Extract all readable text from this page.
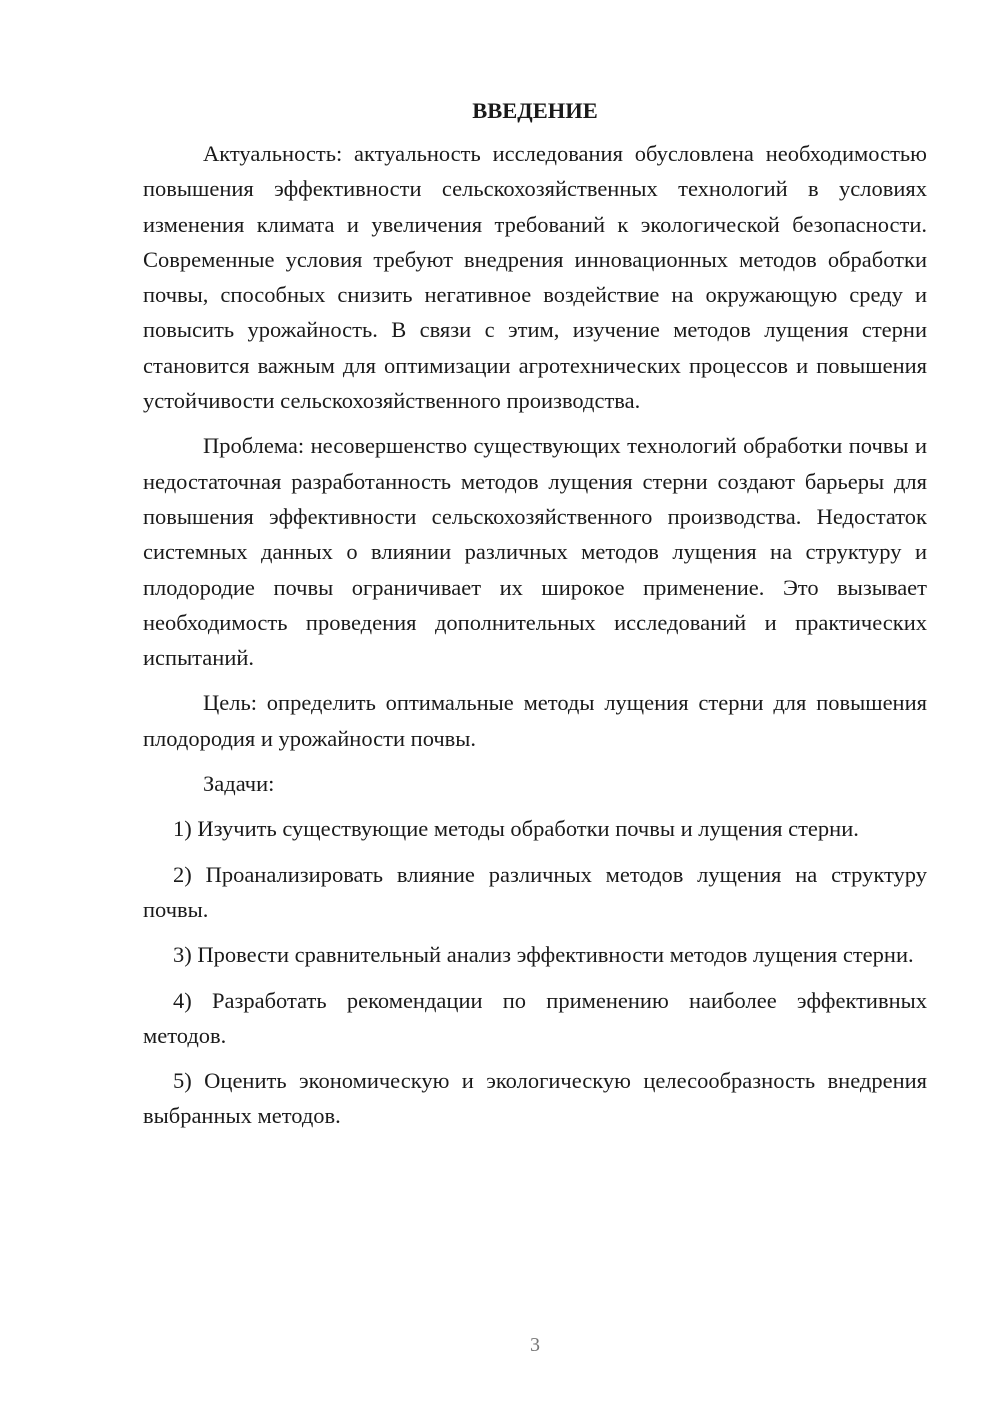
ВВЕДЕНИЕ

Актуальность: актуальность исследования обусловлена необходимостью повышения эффективности сельскохозяйственных технологий в условиях изменения климата и увеличения требований к экологической безопасности. Современные условия требуют внедрения инновационных методов обработки почвы, способных снизить негативное воздействие на окружающую среду и повысить урожайность. В связи с этим, изучение методов лущения стерни становится важным для оптимизации агротехнических процессов и повышения устойчивости сельскохозяйственного производства.

Проблема: несовершенство существующих технологий обработки почвы и недостаточная разработанность методов лущения стерни создают барьеры для повышения эффективности сельскохозяйственного производства. Недостаток системных данных о влиянии различных методов лущения на структуру и плодородие почвы ограничивает их широкое применение. Это вызывает необходимость проведения дополнительных исследований и практических испытаний.

Цель: определить оптимальные методы лущения стерни для повышения плодородия и урожайности почвы.

Задачи:

1) Изучить существующие методы обработки почвы и лущения стерни.

2) Проанализировать влияние различных методов лущения на структуру почвы.

3) Провести сравнительный анализ эффективности методов лущения стерни.

4) Разработать рекомендации по применению наиболее эффективных методов.

5) Оценить экономическую и экологическую целесообразность внедрения выбранных методов.

3
